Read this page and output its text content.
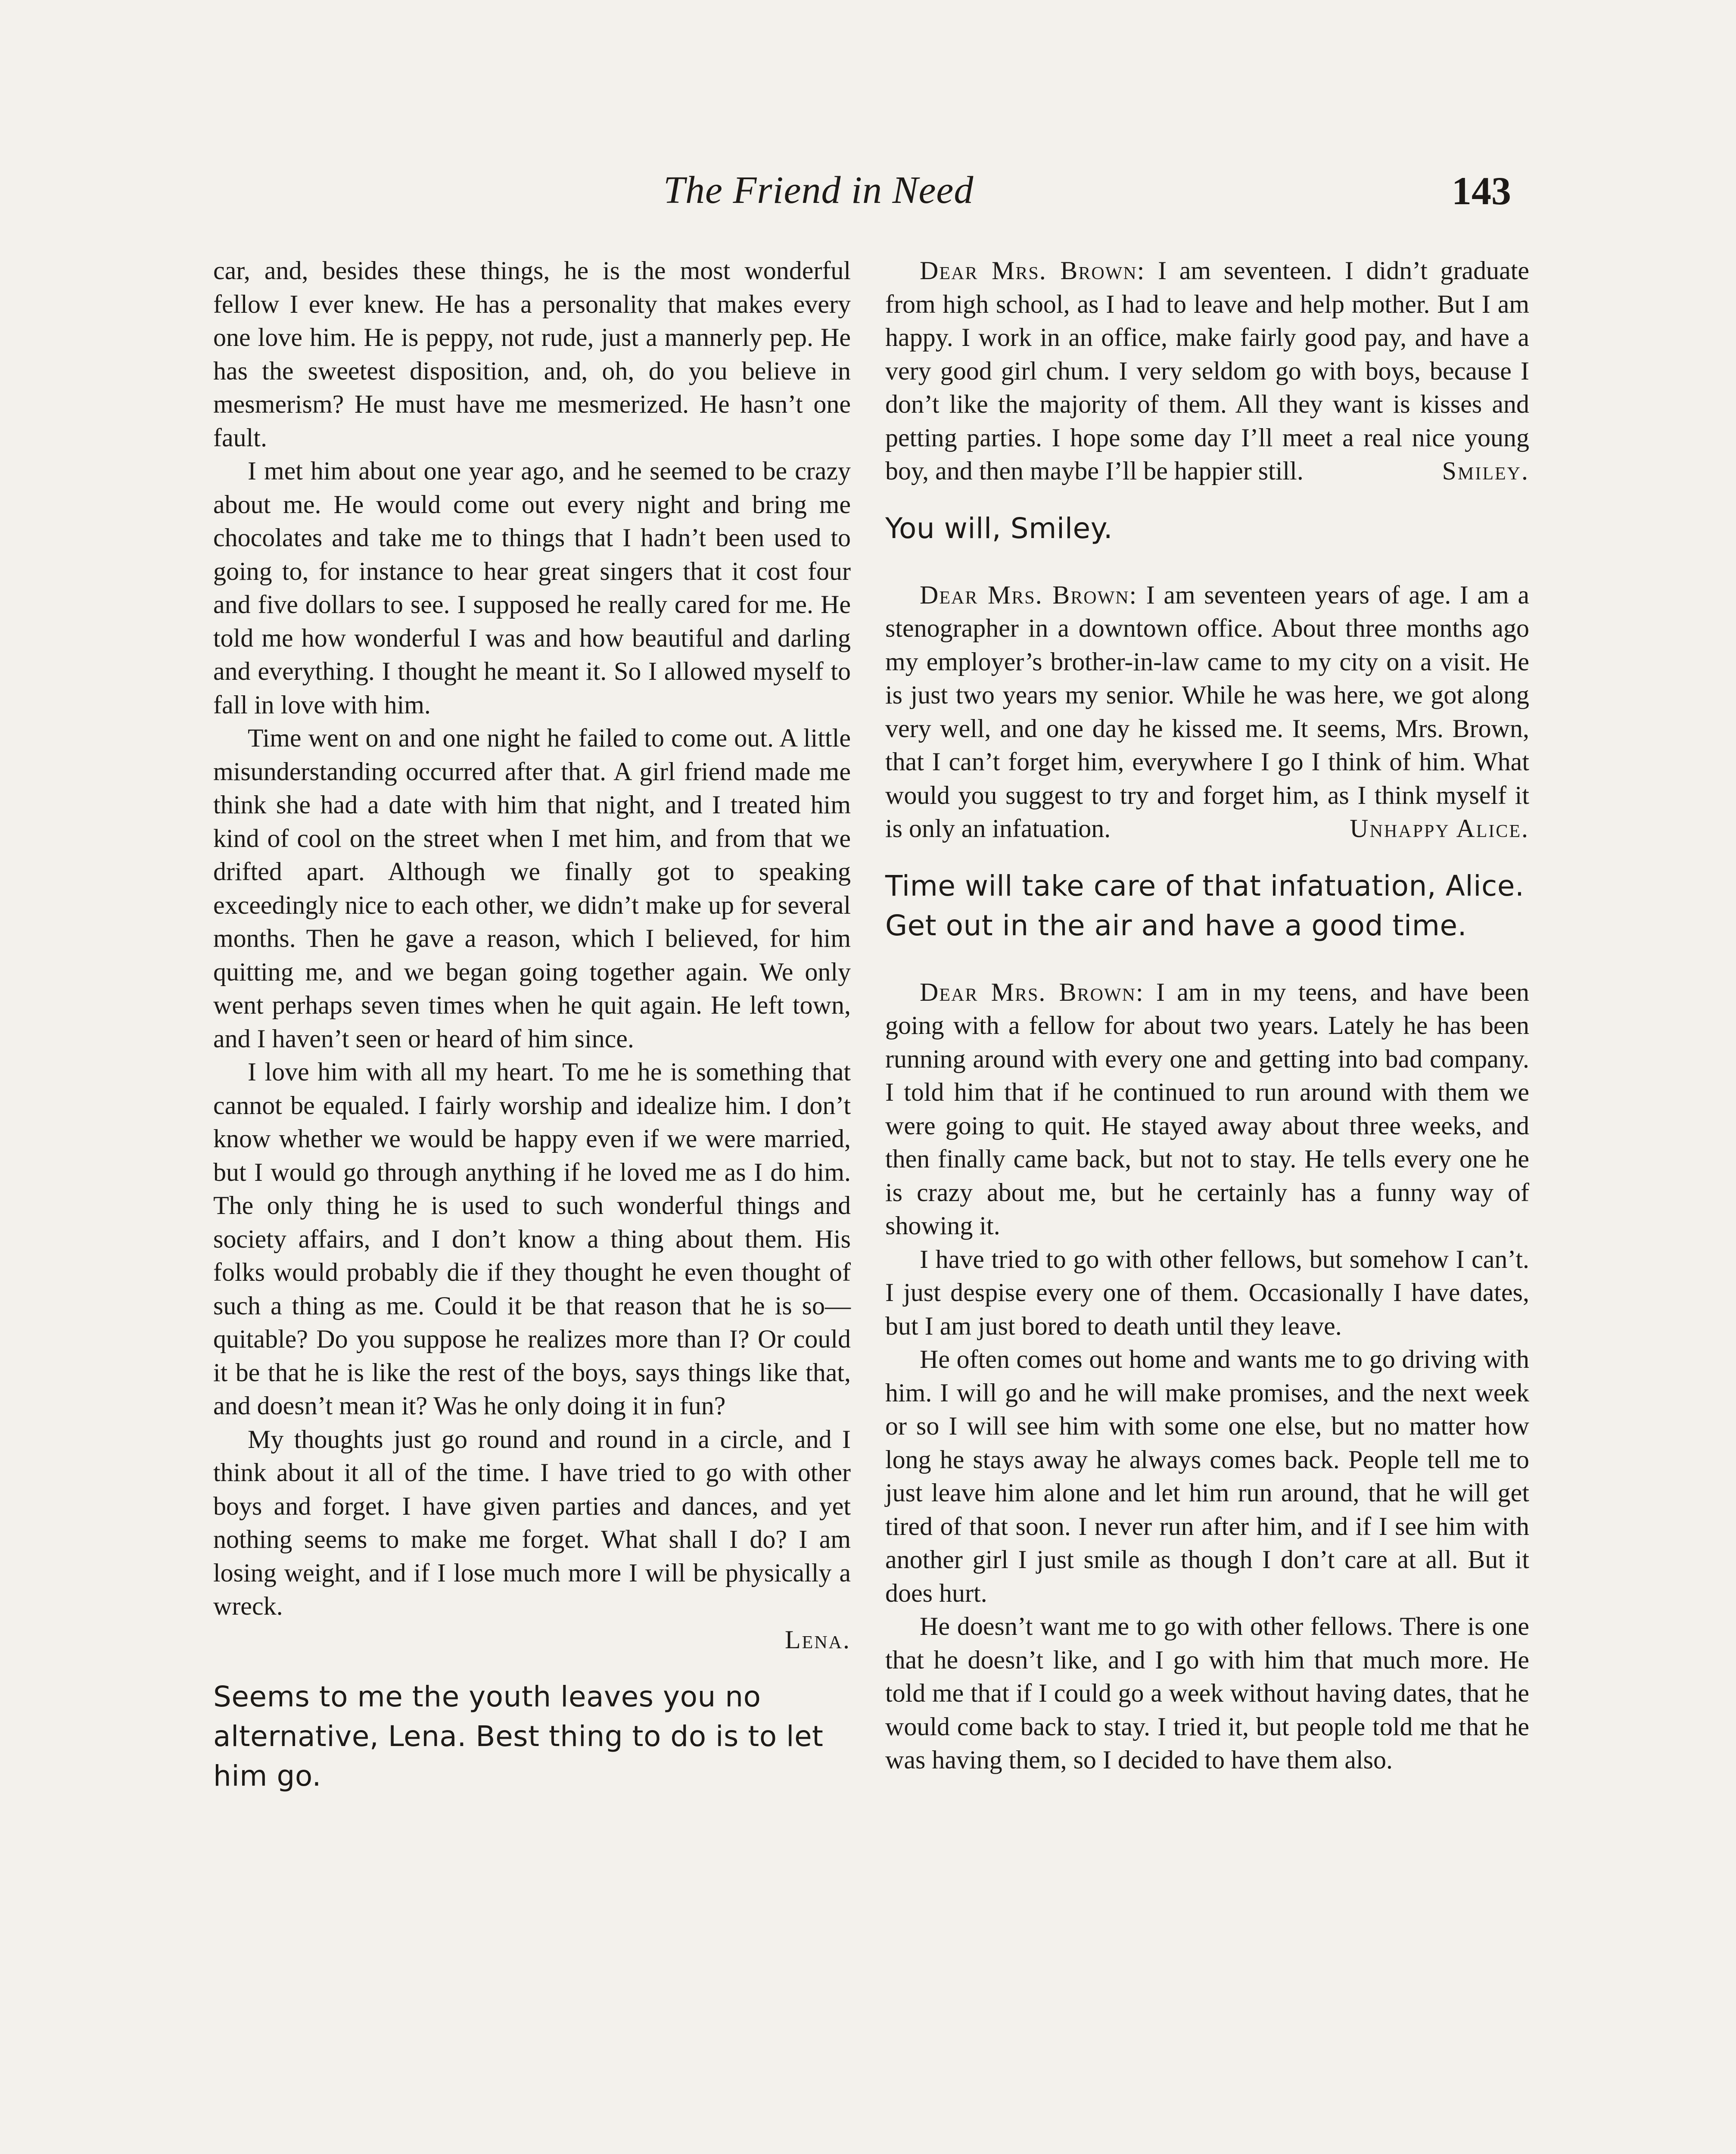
The Friend in Need	143

car, and, besides these things, he is the most wonderful fellow I ever knew. He has a personality that makes every one love him. He is peppy, not rude, just a mannerly pep. He has the sweetest disposition, and, oh, do you believe in mesmerism? He must have me mesmerized. He hasn’t one fault.

I met him about one year ago, and he seemed to be crazy about me. He would come out every night and bring me chocolates and take me to things that I hadn’t been used to going to, for instance to hear great singers that it cost four and five dollars to see. I supposed he really cared for me. He told me how wonderful I was and how beautiful and darling and everything. I thought he meant it. So I allowed myself to fall in love with him.

Time went on and one night he failed to come out. A little misunderstanding occurred after that. A girl friend made me think she had a date with him that night, and I treated him kind of cool on the street when I met him, and from that we drifted apart. Although we finally got to speaking exceedingly nice to each other, we didn’t make up for several months. Then he gave a reason, which I believed, for him quitting me, and we began going together again. We only went perhaps seven times when he quit again. He left town, and I haven’t seen or heard of him since.

I love him with all my heart. To me he is something that cannot be equaled. I fairly worship and idealize him. I don’t know whether we would be happy even if we were married, but I would go through anything if he loved me as I do him. The only thing he is used to such wonderful things and society affairs, and I don’t know a thing about them. His folks would probably die if they thought he even thought of such a thing as me. Could it be that reason that he is so—quitable? Do you suppose he realizes more than I? Or could it be that he is like the rest of the boys, says things like that, and doesn’t mean it? Was he only doing it in fun?

My thoughts just go round and round in a circle, and I think about it all of the time. I have tried to go with other boys and forget. I have given parties and dances, and yet nothing seems to make me forget. What shall I do? I am losing weight, and if I lose much more I will be physically a wreck.

Lena.

Seems to me the youth leaves you no alternative, Lena. Best thing to do is to let him go.

Dear Mrs. Brown: I am seventeen. I didn’t graduate from high school, as I had to leave and help mother. But I am happy. I work in an office, make fairly good pay, and have a very good girl chum. I very seldom go with boys, because I don’t like the majority of them. All they want is kisses and petting parties. I hope some day I’ll meet a real nice young boy, and then maybe I’ll be happier still.	Smiley.

You will, Smiley.

Dear Mrs. Brown: I am seventeen years of age. I am a stenographer in a downtown office. About three months ago my employer’s brother-in-law came to my city on a visit. He is just two years my senior. While he was here, we got along very well, and one day he kissed me. It seems, Mrs. Brown, that I can’t forget him, everywhere I go I think of him. What would you suggest to try and forget him, as I think myself it is only an infatuation.	Unhappy Alice.

Time will take care of that infatuation, Alice. Get out in the air and have a good time.

Dear Mrs. Brown: I am in my teens, and have been going with a fellow for about two years. Lately he has been running around with every one and getting into bad company. I told him that if he continued to run around with them we were going to quit. He stayed away about three weeks, and then finally came back, but not to stay. He tells every one he is crazy about me, but he certainly has a funny way of showing it.

I have tried to go with other fellows, but somehow I can’t. I just despise every one of them. Occasionally I have dates, but I am just bored to death until they leave.

He often comes out home and wants me to go driving with him. I will go and he will make promises, and the next week or so I will see him with some one else, but no matter how long he stays away he always comes back. People tell me to just leave him alone and let him run around, that he will get tired of that soon. I never run after him, and if I see him with another girl I just smile as though I don’t care at all. But it does hurt.

He doesn’t want me to go with other fellows. There is one that he doesn’t like, and I go with him that much more. He told me that if I could go a week without having dates, that he would come back to stay. I tried it, but people told me that he was having them, so I decided to have them also.
